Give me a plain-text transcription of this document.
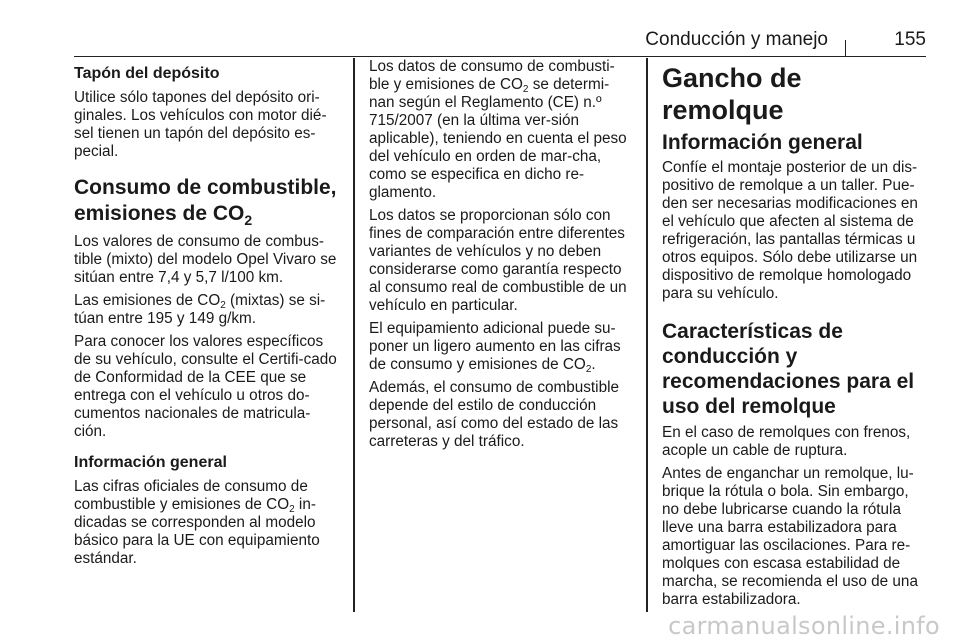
Conducción y manejo	155
Tapón del depósito

Utilice sólo tapones del depósito ori-ginales. Los vehículos con motor dié-sel tienen un tapón del depósito es-pecial.

Consumo de combustible, emisiones de $CO_2$

Los valores de consumo de combus-tible (mixto) del modelo Opel Vivaro se sitúan entre 7,4 y 5,7 l/100 km.

Las emisiones de $CO_2$ (mixtas) se si-túan entre 195 y 149 g/km.

Para conocer los valores específicos de su vehículo, consulte el Certifi-cado de Conformidad de la CEE que se entrega con el vehículo u otros do-cumentos nacionales de matricula-ción.

Información general

Las cifras oficiales de consumo de combustible y emisiones de $CO_2$ in-dicadas se corresponden al modelo básico para la UE con equipamiento estándar.

Los datos de consumo de combusti-ble y emisiones de $CO_2$ se determi-nan según el Reglamento (CE) n.º 715/2007 (en la última ver-sión aplicable), teniendo en cuenta el peso del vehículo en orden de mar-cha, como se especifica en dicho re-glamento.

Los datos se proporcionan sólo con fines de comparación entre diferentes variantes de vehículos y no deben considerarse como garantía respecto al consumo real de combustible de un vehículo en particular.

El equipamiento adicional puede su-poner un ligero aumento en las cifras de consumo y emisiones de $CO_2$.

Además, el consumo de combustible depende del estilo de conducción personal, así como del estado de las carreteras y del tráfico.

Gancho de remolque
Información general

Confíe el montaje posterior de un dis-positivo de remolque a un taller. Pue-den ser necesarias modificaciones en el vehículo que afecten al sistema de refrigeración, las pantallas térmicas u otros equipos. Sólo debe utilizarse un dispositivo de remolque homologado para su vehículo.

Características de conducción y recomendaciones para el uso del remolque

En el caso de remolques con frenos, acople un cable de ruptura.

Antes de enganchar un remolque, lu-brique la rótula o bola. Sin embargo, no debe lubricarse cuando la rótula lleve una barra estabilizadora para amortiguar las oscilaciones. Para re-molques con escasa estabilidad de marcha, se recomienda el uso de una barra estabilizadora.

carmanualsonline.info
